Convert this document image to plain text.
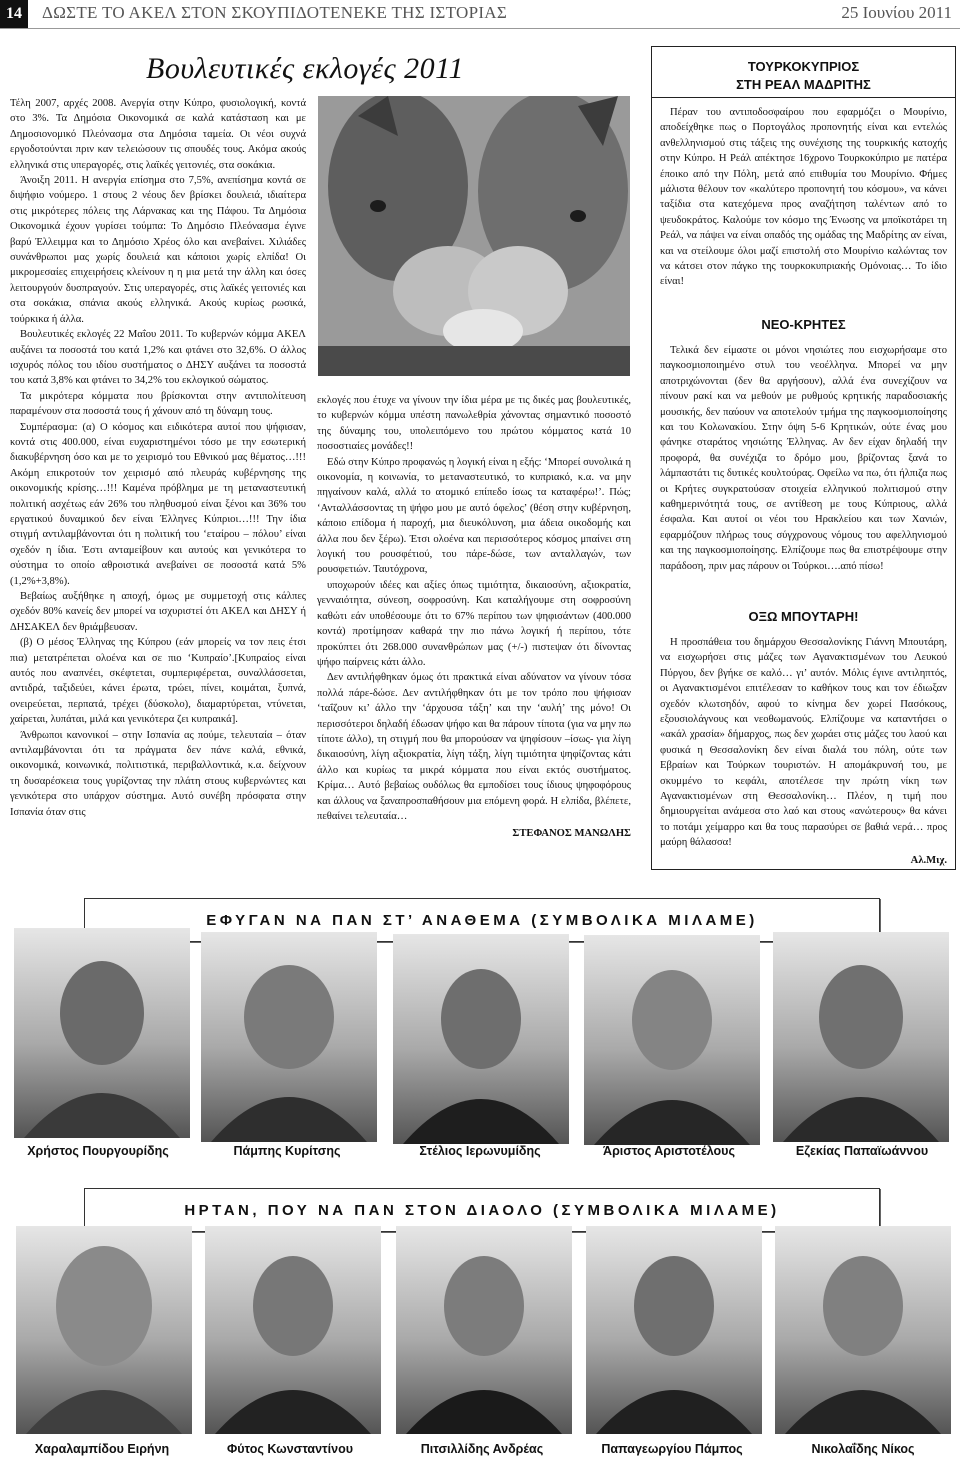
14	ΔΩΣΤΕ ΤΟ ΑΚΕΛ ΣΤΟΝ ΣΚΟΥΠΙΔΟΤΕΝΕΚΕ ΤΗΣ ΙΣΤΟΡΙΑΣ	25 Ιουνίου 2011
Βουλευτικές εκλογές 2011

Τέλη 2007, αρχές 2008. Ανεργία στην Κύπρο, φυσιολογική, κοντά στο 3%. Τα Δημόσια Οικονομικά σε καλά κατάσταση και με Δημοσιονομικό Πλεόνασμα στα Δημόσια ταμεία. Οι νέοι συχνά εργοδοτούνται πριν καν τελειώσουν τις σπουδές τους. Ακόμα ακούς ελληνικά στις υπεραγορές, στις λαϊκές γειτονιές, στα σοκάκια.

Άνοιξη 2011. Η ανεργία επίσημα στο 7,5%, ανεπίσημα κοντά σε διψήφιο νούμερο. 1 στους 2 νέους δεν βρίσκει δουλειά, ιδιαίτερα στις μικρότερες πόλεις της Λάρνακας και της Πάφου. Τα Δημόσια Οικονομικά έχουν γυρίσει τούμπα: Το Δημόσιο Πλεόνασμα έγινε βαρύ Έλλειμμα και το Δημόσιο Χρέος όλο και ανεβαίνει. Χιλιάδες συνάνθρωποι μας χωρίς δουλειά και κάποιοι χωρίς ελπίδα! Οι μικρομεσαίες επιχειρήσεις κλείνουν η η μια μετά την άλλη και όσες λειτουργούν δυσπραγούν. Στις υπεραγορές, στις λαϊκές γειτονιές και στα σοκάκια, σπάνια ακούς ελληνικά. Ακούς κυρίως ρωσικά, τούρκικα ή άλλα.

Βουλευτικές εκλογές 22 Μαΐου 2011. Το κυβερνών κόμμα ΑΚΕΛ αυξάνει τα ποσοστά του κατά 1,2% και φτάνει στο 32,6%. Ο άλλος ισχυρός πόλος του ιδίου συστήματος ο ΔΗΣΥ αυξάνει τα ποσοστά του κατά 3,8% και φτάνει το 34,2% του εκλογικού σώματος.

Τα μικρότερα κόμματα που βρίσκονται στην αντιπολίτευση παραμένουν στα ποσοστά τους ή χάνουν από τη δύναμη τους.

Συμπέρασμα: (α) Ο κόσμος και ειδικότερα αυτοί που ψήφισαν, κοντά στις 400.000, είναι ευχαριστημένοι τόσο με την εσωτερική διακυβέρνηση όσο και με το χειρισμό του Εθνικού μας θέματος…!!! Ακόμη επικροτούν τον χειρισμό από πλευράς κυβέρνησης της οικονομικής κρίσης…!!! Καμένα πρόβλημα με τη μεταναστευτική πολιτική ασχέτως εάν 26% του πληθυσμού είναι ξένοι και 36% του εργατικού δυναμικού δεν είναι Έλληνες Κύπριοι…!!! Την ίδια στιγμή αντιλαμβάνονται ότι η πολιτική του ‘εταίρου – πόλου’ είναι σχεδόν η ίδια. Έστι ανταμείβουν και αυτούς και γενικότερα το σύστημα το οποίο αθροιστικά ανεβαίνει σε ποσοστά κατά 5% (1,2%+3,8%).

Βεβαίως αυξήθηκε η αποχή, όμως με συμμετοχή στις κάλπες σχεδόν 80% κανείς δεν μπορεί να ισχυριστεί ότι ΑΚΕΛ και ΔΗΣΥ ή ΔΗΣΑΚΕΛ δεν θριάμβευσαν.

(β) Ο μέσος Έλληνας της Κύπρου (εάν μπορείς να τον πεις έτσι πια) μετατρέπεται ολοένα και σε πιο ‘Κυπραίο’.[Κυπραίος είναι αυτός που αναπνέει, σκέφτεται, συμπεριφέρεται, συναλλάσσεται, αντιδρά, ταξιδεύει, κάνει έρωτα, τρώει, πίνει, κοιμάται, ξυπνά, ονειρεύεται, περπατά, τρέχει (δύσκολο), διαμαρτύρεται, ντύνεται, χαίρεται, λυπάται, μιλά και γενικότερα ζει κυπραικά].

Άνθρωποι κανονικοί – στην Ισπανία ας πούμε, τελευταία – όταν αντιλαμβάνονται ότι τα πράγματα δεν πάνε καλά, εθνικά, οικονομικά, κοινωνικά, πολιτιστικά, περιβαλλοντικά, κ.α. δείχνουν τη δυσαρέσκεια τους γυρίζοντας την πλάτη στους κυβερνώντες και γενικότερα στο υπάρχον σύστημα. Αυτό συνέβη πρόσφατα στην Ισπανία όταν στις

εκλογές που έτυχε να γίνουν την ίδια μέρα με τις δικές μας βουλευτικές, το κυβερνών κόμμα υπέστη πανωλεθρία χάνοντας σημαντικό ποσοστό της δύναμης του, υπολειπόμενο του πρώτου κόμματος κατά 10 ποσοστιαίες μονάδες!!

Εδώ στην Κύπρο προφανώς η λογική είναι η εξής: ‘Μπορεί συνολικά η οικονομία, η κοινωνία, το μεταναστευτικό, το κυπριακό, κ.α. να μην πηγαίνουν καλά, αλλά το ατομικό επίπεδο ίσως τα καταφέρω!’. Πώς; ‘Ανταλλάσσοντας τη ψήφο μου με αυτό όφελος’ (θέση στην κυβέρνηση, κάποιο επίδομα ή παροχή, μια διευκόλυνση, μια άδεια οικοδομής και άλλα που δεν ξέρω). Έτσι ολοένα και περισσότερος κόσμος μπαίνει στη λογική του ρουσφέτιού, του πάρε-δώσε, των ανταλλαγών, των ρουσφετιών. Ταυτόχρονα,

υποχωρούν ιδέες και αξίες όπως τιμιότητα, δικαιοσύνη, αξιοκρατία, γενναιότητα, σύνεση, σοφροσύνη. Και καταλήγουμε στη σοφροσύνη καθώτι εάν υποθέσουμε ότι το 67% περίπου των ψηφισάντων (400.000 κοντά) προτίμησαν καθαρά την πιο πάνω λογική ή περίπου, τότε προκύπτει ότι 268.000 συνανθρώπων μας (+/-) πιστεψαν ότι δίνοντας ψήφο παίρνεις κάτι άλλο.

Δεν αντιλήφθηκαν όμως ότι πρακτικά είναι αδύνατον να γίνουν τόσα πολλά πάρε-δώσε. Δεν αντιλήφθηκαν ότι με τον τρόπο που ψήφισαν ‘ταΐζουν κι’ άλλο την ‘άρχουσα τάξη’ και την ‘αυλή’ της μόνο! Οι περισσότεροι δηλαδή έδωσαν ψήφο και θα πάρουν τίποτα (για να μην πω τίποτε άλλο), τη στιγμή που θα μπορούσαν να ψηφίσουν –ίσως- για λίγη δικαιοσύνη, λίγη αξιοκρατία, λίγη τάξη, λίγη τιμιότητα ψηφίζοντας κάτι άλλο και κυρίως τα μικρά κόμματα που είναι εκτός συστήματος. Κρίμα… Αυτό βεβαίως ουδόλως θα εμποδίσει τους ίδιους ψηφοφόρους και άλλους να ξαναπροσπαθήσουν μια επόμενη φορά. Η ελπίδα, βλέπετε, πεθαίνει τελευταία…

ΣΤΕΦΑΝΟΣ ΜΑΝΩΛΗΣ
ΤΟΥΡΚΟΚΥΠΡΙΟΣ
ΣΤΗ ΡΕΑΛ ΜΑΔΡΙΤΗΣ

Πέραν του αντιποδοσφαίρου που εφαρμόζει ο Μουρίνιο, αποδείχθηκε πως ο Πορτογάλος προπονητής είναι και εντελώς ανθελληνισμού στις τάξεις της συνέχισης της τουρκικής κατοχής στην Κύπρο. Η Ρεάλ απέκτησε 16χρονο Τουρκοκύπριο με πατέρα έποικο από την Πόλη, μετά από επιθυμία του Μουρίνιο. Φήμες μάλιστα θέλουν τον «καλύτερο προπονητή του κόσμου», να κάνει ταξίδια στα κατεχόμενα προς αναζήτηση ταλέντων από το ψευδοκράτος. Καλούμε τον κόσμο της Ένωσης να μποϊκοτάρει τη Ρεάλ, να πάψει να είναι οπαδός της ομάδας της Μαδρίτης αν είναι, και να στείλουμε όλοι μαζί επιστολή στο Μουρίνιο καλώντας τον να κάτσει στον πάγκο της τουρκοκυπριακής Ομόνοιας… Το ίδιο είναι!

ΝΕΟ-ΚΡΗΤΕΣ

Τελικά δεν είμαστε οι μόνοι νησιώτες που εισχωρήσαμε στο παγκοσμιοποιημένο στυλ του νεοέλληνα. Μπορεί να μην αποτριχώνονται (δεν θα αργήσουν), αλλά ένα συνεχίζουν να πίνουν ρακί και να μεθούν με ρυθμούς κρητικής παραδοσιακής μουσικής, δεν παύουν να αποτελούν τμήμα της παγκοσμιοποίησης και του Κολωνακίου. Στην όψη 5-6 Κρητικών, ούτε ένας μου φάνηκε σταράτος νησιώτης Έλληνας. Αν δεν είχαν δηλαδή την προφορά, θα συνέχιζα το δρόμο μου, βρίζοντας ξανά το λάμπαστάτι τις δυτικές κουλτούρας. Οφείλω να πω, ότι ήλπιζα πως οι Κρήτες συγκρατούσαν στοιχεία ελληνικού πολιτισμού στην καθημερινότητά τους, σε αντίθεση με τους Κύπριους, αλλά έσφαλα. Και αυτοί οι νέοι του Ηρακλείου και των Χανιών, εφαρμόζουν πλήρως τους σύγχρονους νόμους του αφελληνισμού και της παγκοσμιοποίησης. Ελπίζουμε πως θα επιστρέψουμε στην παράδοση, πριν μας πάρουν οι Τούρκοι….από πίσω!

ΟΞΩ ΜΠΟΥΤΑΡΗ!

Η προσπάθεια του δημάρχου Θεσσαλονίκης Γιάννη Μπουτάρη, να εισχωρήσει στις μάζες των Αγανακτισμένων του Λευκού Πύργου, δεν βγήκε σε καλό… γι’ αυτόν. Μόλις έγινε αντιληπτός, οι Αγανακτισμένοι επιτέλεσαν το καθήκον τους και τον έδιωξαν σχεδόν κλωτσηδόν, αφού το κίνημα δεν χωρεί Πασόκους, εξουσιολάγνους και νεοθωμανούς. Ελπίζουμε να καταντήσει ο «ακάλ χρασία» δήμαρχος, πως δεν χωράει στις μάζες του λαού και φυσικά η Θεσσαλονίκη δεν είναι διαλά του πόλη, ούτε των Εβραίων και Τούρκων τουριστών. Η απομάκρυνσή του, με σκυμμένο το κεφάλι, αποτέλεσε την πρώτη νίκη των Αγανακτισμένων στη Θεσσαλονίκη… Πλέον, η τιμή που δημιουργείται ανάμεσα στο λαό και στους «ανώτερους» θα κάνει το ποτάμι χείμαρρο και θα τους παρασύρει σε βαθιά νερά… προς μαύρη θάλασσα!

Αλ.Μιχ.
ΕΦΥΓΑΝ ΝΑ ΠΑΝ ΣΤ’ ΑΝΑΘΕΜΑ (ΣΥΜΒΟΛΙΚΑ ΜΙΛΑΜΕ)
Χρήστος Πουργουρίδης	Πάμπης Κυρίτσης	Στέλιος Ιερωνυμίδης	Άριστος Αριστοτέλους	Εζεκίας Παπαϊωάννου
ΗΡΤΑΝ, ΠΟΥ ΝΑ ΠΑΝ ΣΤΟΝ ΔΙΑΟΛΟ (ΣΥΜΒΟΛΙΚΑ ΜΙΛΑΜΕ)
Χαραλαμπίδου Ειρήνη	Φύτος Κωνσταντίνου	Πιτσιλλίδης Ανδρέας	Παπαγεωργίου Πάμπος	Νικολαΐδης Νίκος
